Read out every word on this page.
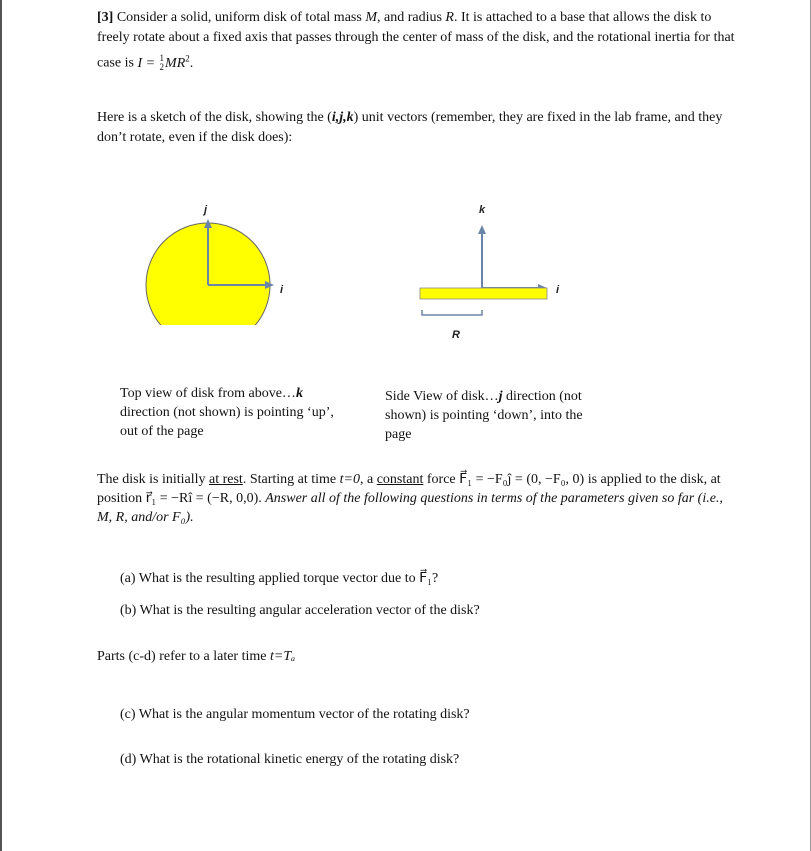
[3] Consider a solid, uniform disk of total mass M, and radius R. It is attached to a base that allows the disk to freely rotate about a fixed axis that passes through the center of mass of the disk, and the rotational inertia for that case is I = 1
2 $MR^2$.
Here is a sketch of the disk, showing the (i,j,k) unit vectors (remember, they are fixed in the lab frame, and they don’t rotate, even if the disk does):
j
i
k
i
R
Top view of disk from above…k direction (not shown) is pointing ‘up’, out of the page
Side View of disk…j direction (not shown) is pointing ‘down’, into the page
The disk is initially at rest. Starting at time t=0, a constant force F⃗₁ = −F₀ĵ = (0, −F₀, 0) is applied to the disk, at position r⃗₁ = −Rî = (−R, 0,0). Answer all of the following questions in terms of the parameters given so far (i.e., M, R, and/or F₀).
(a) What is the resulting applied torque vector due to F⃗₁?
(b) What is the resulting angular acceleration vector of the disk?
Parts (c-d) refer to a later time t=Tₐ
(c) What is the angular momentum vector of the rotating disk?
(d) What is the rotational kinetic energy of the rotating disk?
